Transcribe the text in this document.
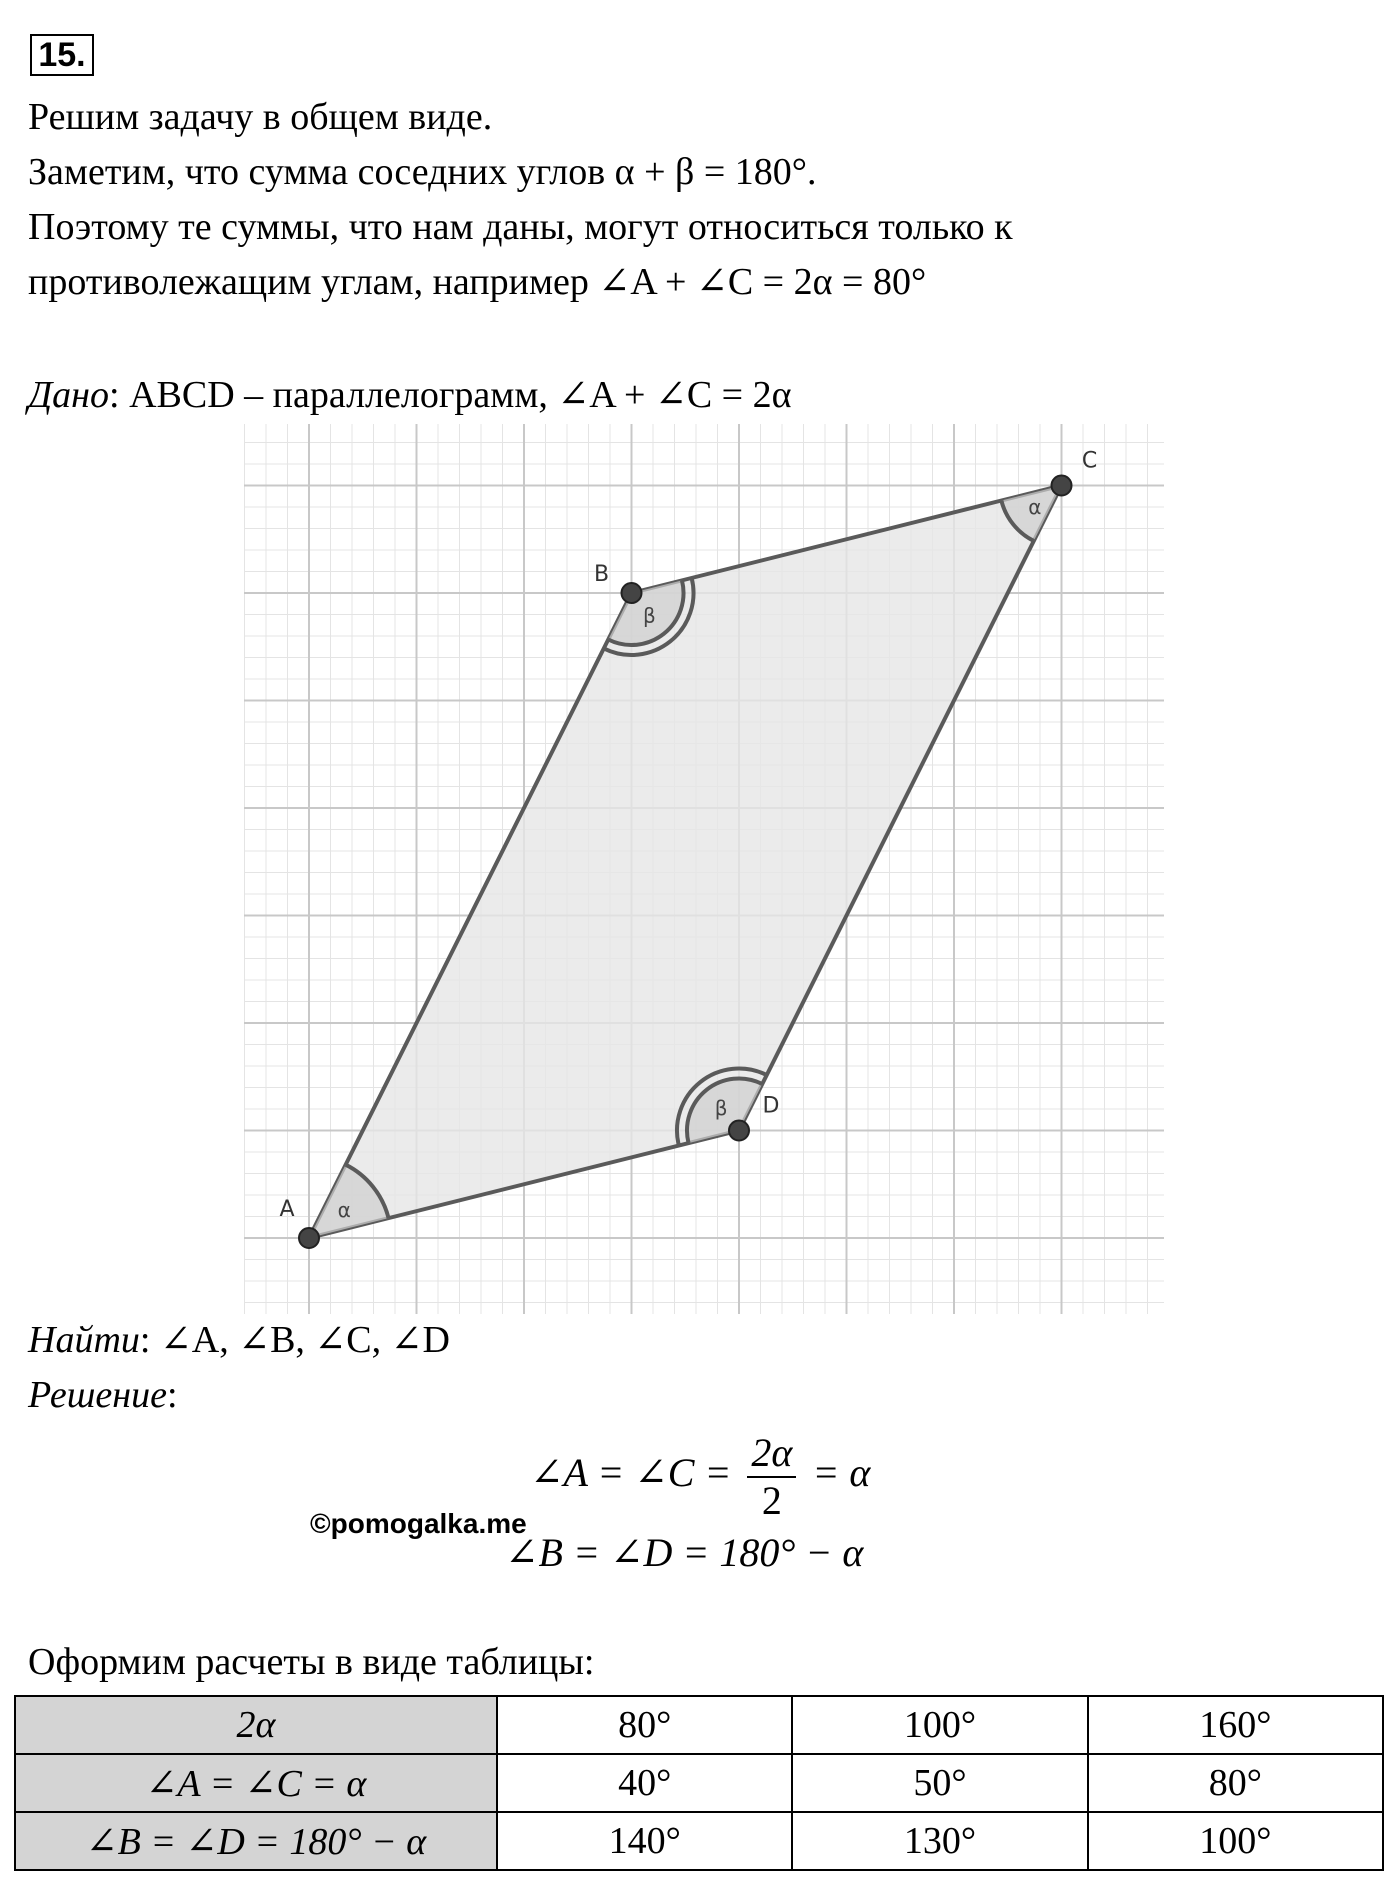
15.
Решим задачу в общем виде.
Заметим, что сумма соседних углов α + β = 180°.
Поэтому те суммы, что нам даны, могут относиться только к
противолежащим углам, например ∠A + ∠C = 2α = 80°
Дано: ABCD – параллелограмм, ∠A + ∠C = 2α
α
α
β
β
A
B
C
D
Найти: ∠A, ∠B, ∠C, ∠D
Решение:
∠A = ∠C = $\frac{2\alpha}{2} = \alpha$
©pomogalka.me
∠B = ∠D = 180° − α
Оформим расчеты в виде таблицы:
2α	80°	100°	160°
∠A = ∠C = α	40°	50°	80°
∠B = ∠D = 180° − α	140°	130°	100°
